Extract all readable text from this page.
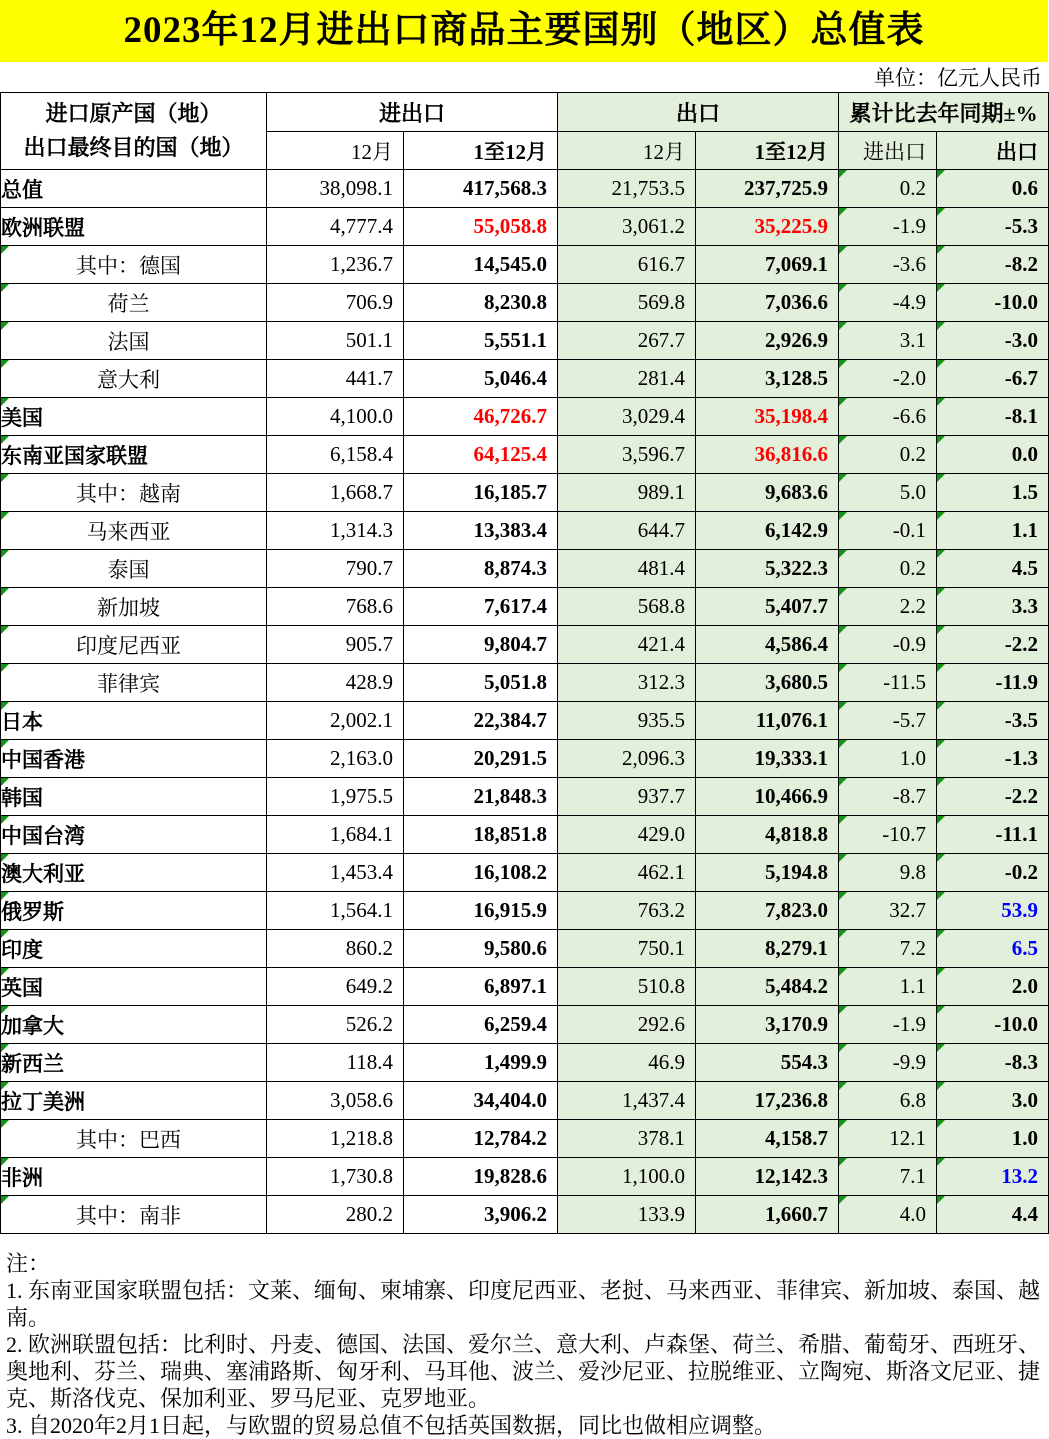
2023年12月进出口商品主要国别（地区）总值表
单位：亿元人民币
进口原产国（地）
出口最终目的国（地）	进出口		出口		累计比去年同期±%	
	12月	1至12月	12月	1至12月	进出口	出口
总值	38,098.1	417,568.3	21,753.5	237,725.9	0.2	0.6
欧洲联盟	4,777.4	55,058.8	3,061.2	35,225.9	-1.9	-5.3
其中：德国	1,236.7	14,545.0	616.7	7,069.1	-3.6	-8.2
荷兰	706.9	8,230.8	569.8	7,036.6	-4.9	-10.0
法国	501.1	5,551.1	267.7	2,926.9	3.1	-3.0
意大利	441.7	5,046.4	281.4	3,128.5	-2.0	-6.7
美国	4,100.0	46,726.7	3,029.4	35,198.4	-6.6	-8.1
东南亚国家联盟	6,158.4	64,125.4	3,596.7	36,816.6	0.2	0.0
其中：越南	1,668.7	16,185.7	989.1	9,683.6	5.0	1.5
马来西亚	1,314.3	13,383.4	644.7	6,142.9	-0.1	1.1
泰国	790.7	8,874.3	481.4	5,322.3	0.2	4.5
新加坡	768.6	7,617.4	568.8	5,407.7	2.2	3.3
印度尼西亚	905.7	9,804.7	421.4	4,586.4	-0.9	-2.2
菲律宾	428.9	5,051.8	312.3	3,680.5	-11.5	-11.9
日本	2,002.1	22,384.7	935.5	11,076.1	-5.7	-3.5
中国香港	2,163.0	20,291.5	2,096.3	19,333.1	1.0	-1.3
韩国	1,975.5	21,848.3	937.7	10,466.9	-8.7	-2.2
中国台湾	1,684.1	18,851.8	429.0	4,818.8	-10.7	-11.1
澳大利亚	1,453.4	16,108.2	462.1	5,194.8	9.8	-0.2
俄罗斯	1,564.1	16,915.9	763.2	7,823.0	32.7	53.9
印度	860.2	9,580.6	750.1	8,279.1	7.2	6.5
英国	649.2	6,897.1	510.8	5,484.2	1.1	2.0
加拿大	526.2	6,259.4	292.6	3,170.9	-1.9	-10.0
新西兰	118.4	1,499.9	46.9	554.3	-9.9	-8.3
拉丁美洲	3,058.6	34,404.0	1,437.4	17,236.8	6.8	3.0
其中：巴西	1,218.8	12,784.2	378.1	4,158.7	12.1	1.0
非洲	1,730.8	19,828.6	1,100.0	12,142.3	7.1	13.2
其中：南非	280.2	3,906.2	133.9	1,660.7	4.0	4.4

注：

1. 东南亚国家联盟包括：文莱、缅甸、柬埔寨、印度尼西亚、老挝、马来西亚、菲律宾、新加坡、泰国、越南。

2. 欧洲联盟包括：比利时、丹麦、德国、法国、爱尔兰、意大利、卢森堡、荷兰、希腊、葡萄牙、西班牙、奥地利、芬兰、瑞典、塞浦路斯、匈牙利、马耳他、波兰、爱沙尼亚、拉脱维亚、立陶宛、斯洛文尼亚、捷克、斯洛伐克、保加利亚、罗马尼亚、克罗地亚。

3. 自2020年2月1日起，与欧盟的贸易总值不包括英国数据，同比也做相应调整。
